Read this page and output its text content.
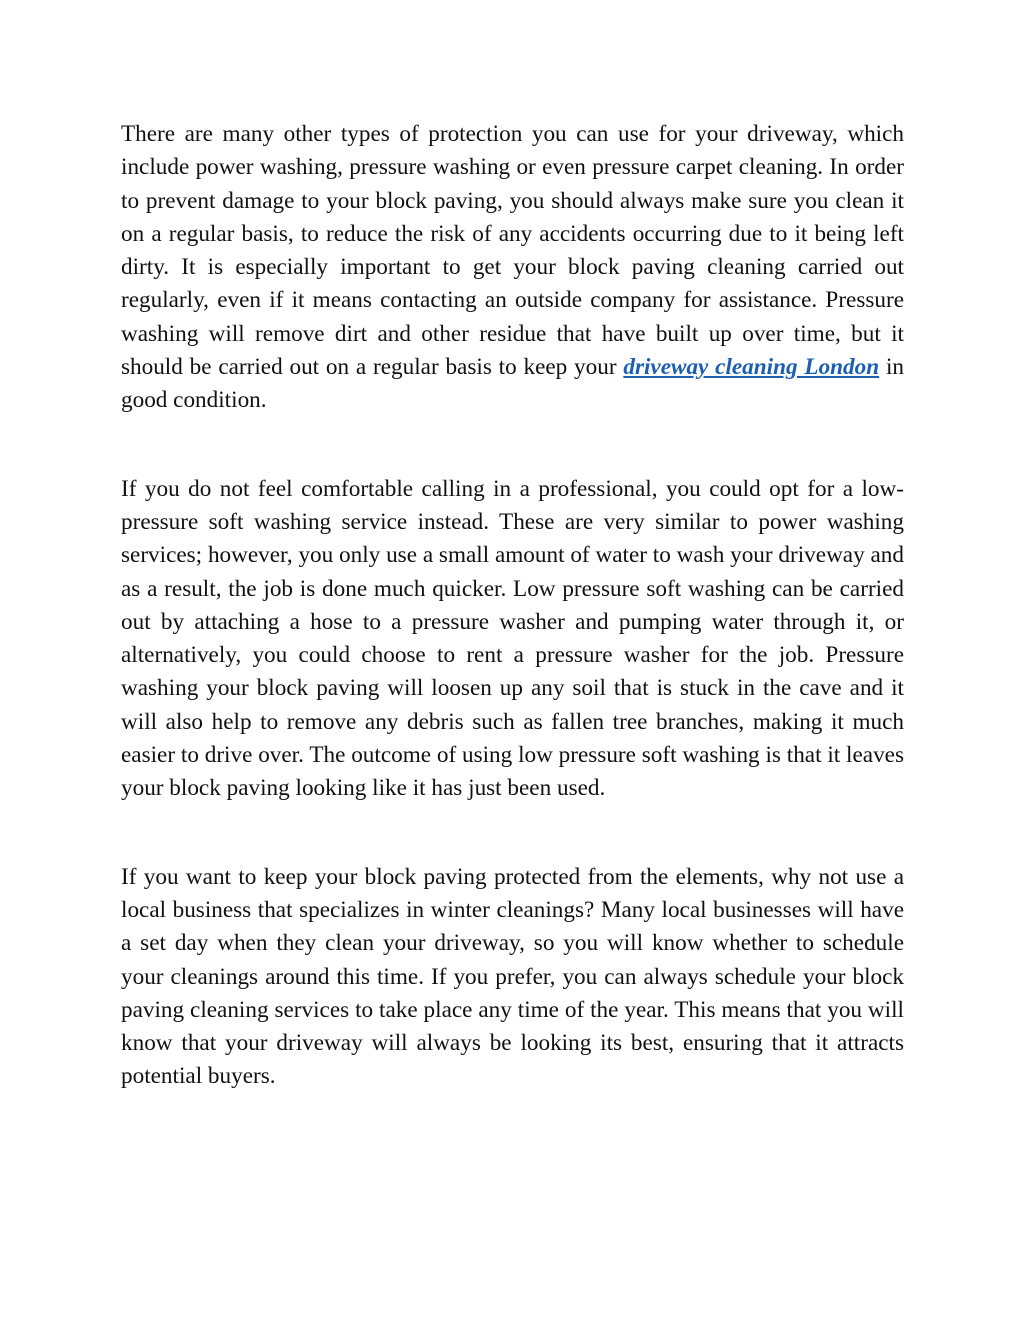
There are many other types of protection you can use for your driveway, which include power washing, pressure washing or even pressure carpet cleaning. In order to prevent damage to your block paving, you should always make sure you clean it on a regular basis, to reduce the risk of any accidents occurring due to it being left dirty. It is especially important to get your block paving cleaning carried out regularly, even if it means contacting an outside company for assistance. Pressure washing will remove dirt and other residue that have built up over time, but it should be carried out on a regular basis to keep your driveway cleaning London in good condition.

If you do not feel comfortable calling in a professional, you could opt for a low-pressure soft washing service instead. These are very similar to power washing services; however, you only use a small amount of water to wash your driveway and as a result, the job is done much quicker. Low pressure soft washing can be carried out by attaching a hose to a pressure washer and pumping water through it, or alternatively, you could choose to rent a pressure washer for the job. Pressure washing your block paving will loosen up any soil that is stuck in the cave and it will also help to remove any debris such as fallen tree branches, making it much easier to drive over. The outcome of using low pressure soft washing is that it leaves your block paving looking like it has just been used.

If you want to keep your block paving protected from the elements, why not use a local business that specializes in winter cleanings? Many local businesses will have a set day when they clean your driveway, so you will know whether to schedule your cleanings around this time. If you prefer, you can always schedule your block paving cleaning services to take place any time of the year. This means that you will know that your driveway will always be looking its best, ensuring that it attracts potential buyers.
